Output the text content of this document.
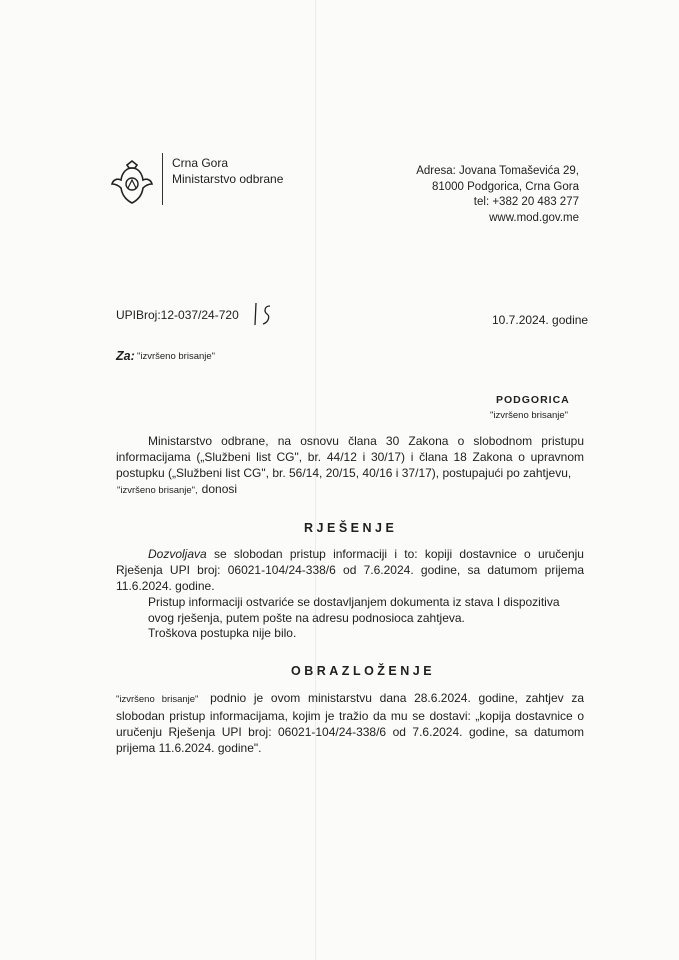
Crna Gora
Ministarstvo odbrane
Adresa: Jovana Tomaševića 29,
81000 Podgorica, Crna Gora
tel: +382 20 483 277
www.mod.gov.me
UPIBroj:12-037/24-720	10.7.2024. godine
Za: "izvršeno brisanje"
PODGORICA
"izvršeno brisanje"
Ministarstvo odbrane, na osnovu člana 30 Zakona o slobodnom pristupu informacijama („Službeni list CG", br. 44/12 i 30/17) i člana 18 Zakona o upravnom postupku („Službeni list CG", br. 56/14, 20/15, 40/16 i 37/17), postupajući po zahtjevu,
"izvršeno brisanje", donosi
RJEŠENJE
Dozvoljava se slobodan pristup informaciji i to: kopiji dostavnice o uručenju Rješenja UPI broj: 06021-104/24-338/6 od 7.6.2024. godine, sa datumom prijema 11.6.2024. godine.
Pristup informaciji ostvariće se dostavljanjem dokumenta iz stava I dispozitiva ovog rješenja, putem pošte na adresu podnosioca zahtjeva.
Troškova postupka nije bilo.
OBRAZLOŽENJE
"izvršeno brisanje" podnio je ovom ministarstvu dana 28.6.2024. godine, zahtjev za slobodan pristup informacijama, kojim je tražio da mu se dostavi: „kopija dostavnice o uručenju Rješenja UPI broj: 06021-104/24-338/6 od 7.6.2024. godine, sa datumom prijema 11.6.2024. godine".
